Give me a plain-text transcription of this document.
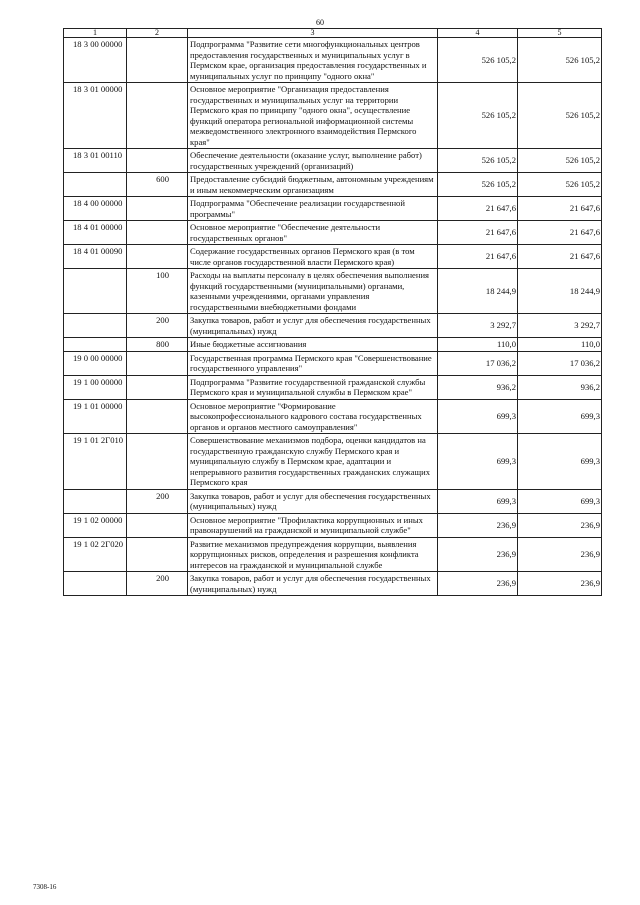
60
1	2	3	4	5
18 3 00 00000		Подпрограмма "Развитие сети многофункциональных центров предоставления государственных и муниципальных услуг в Пермском крае, организация предоставления государственных и муниципальных услуг по принципу "одного окна"	526 105,2	526 105,2
18 3 01 00000		Основное мероприятие "Организация предоставления государственных и муниципальных услуг на территории Пермского края по принципу "одного окна", осуществление функций оператора региональной информационной системы межведомственного электронного взаимодействия Пермского края"	526 105,2	526 105,2
18 3 01 00110		Обеспечение деятельности (оказание услуг, выполнение работ) государственных учреждений (организаций)	526 105,2	526 105,2
	600	Предоставление субсидий бюджетным, автономным учреждениям и иным некоммерческим организациям	526 105,2	526 105,2
18 4 00 00000		Подпрограмма "Обеспечение реализации государственной программы"	21 647,6	21 647,6
18 4 01 00000		Основное мероприятие "Обеспечение деятельности государственных органов"	21 647,6	21 647,6
18 4 01 00090		Содержание государственных органов Пермского края (в том числе органов государственной власти Пермского края)	21 647,6	21 647,6
	100	Расходы на выплаты персоналу в целях обеспечения выполнения функций государственными (муниципальными) органами, казенными учреждениями, органами управления государственными внебюджетными фондами	18 244,9	18 244,9
	200	Закупка товаров, работ и услуг для обеспечения государственных (муниципальных) нужд	3 292,7	3 292,7
	800	Иные бюджетные ассигнования	110,0	110,0
19 0 00 00000		Государственная программа Пермского края "Совершенствование государственного управления"	17 036,2	17 036,2
19 1 00 00000		Подпрограмма "Развитие государственной гражданской службы Пермского края и муниципальной службы в Пермском крае"	936,2	936,2
19 1 01 00000		Основное мероприятие "Формирование высокопрофессионального кадрового состава государственных органов и органов местного самоуправления"	699,3	699,3
19 1 01 2Г010		Совершенствование механизмов подбора, оценки кандидатов на государственную гражданскую службу Пермского края и муниципальную службу в Пермском крае, адаптации и непрерывного развития государственных гражданских служащих Пермского края	699,3	699,3
	200	Закупка товаров, работ и услуг для обеспечения государственных (муниципальных) нужд	699,3	699,3
19 1 02 00000		Основное мероприятие "Профилактика коррупционных и иных правонарушений на гражданской и муниципальной службе"	236,9	236,9
19 1 02 2Г020		Развитие механизмов предупреждения коррупции, выявления коррупционных рисков, определения и разрешения конфликта интересов на гражданской и муниципальной службе	236,9	236,9
	200	Закупка товаров, работ и услуг для обеспечения государственных (муниципальных) нужд	236,9	236,9
7308-16
